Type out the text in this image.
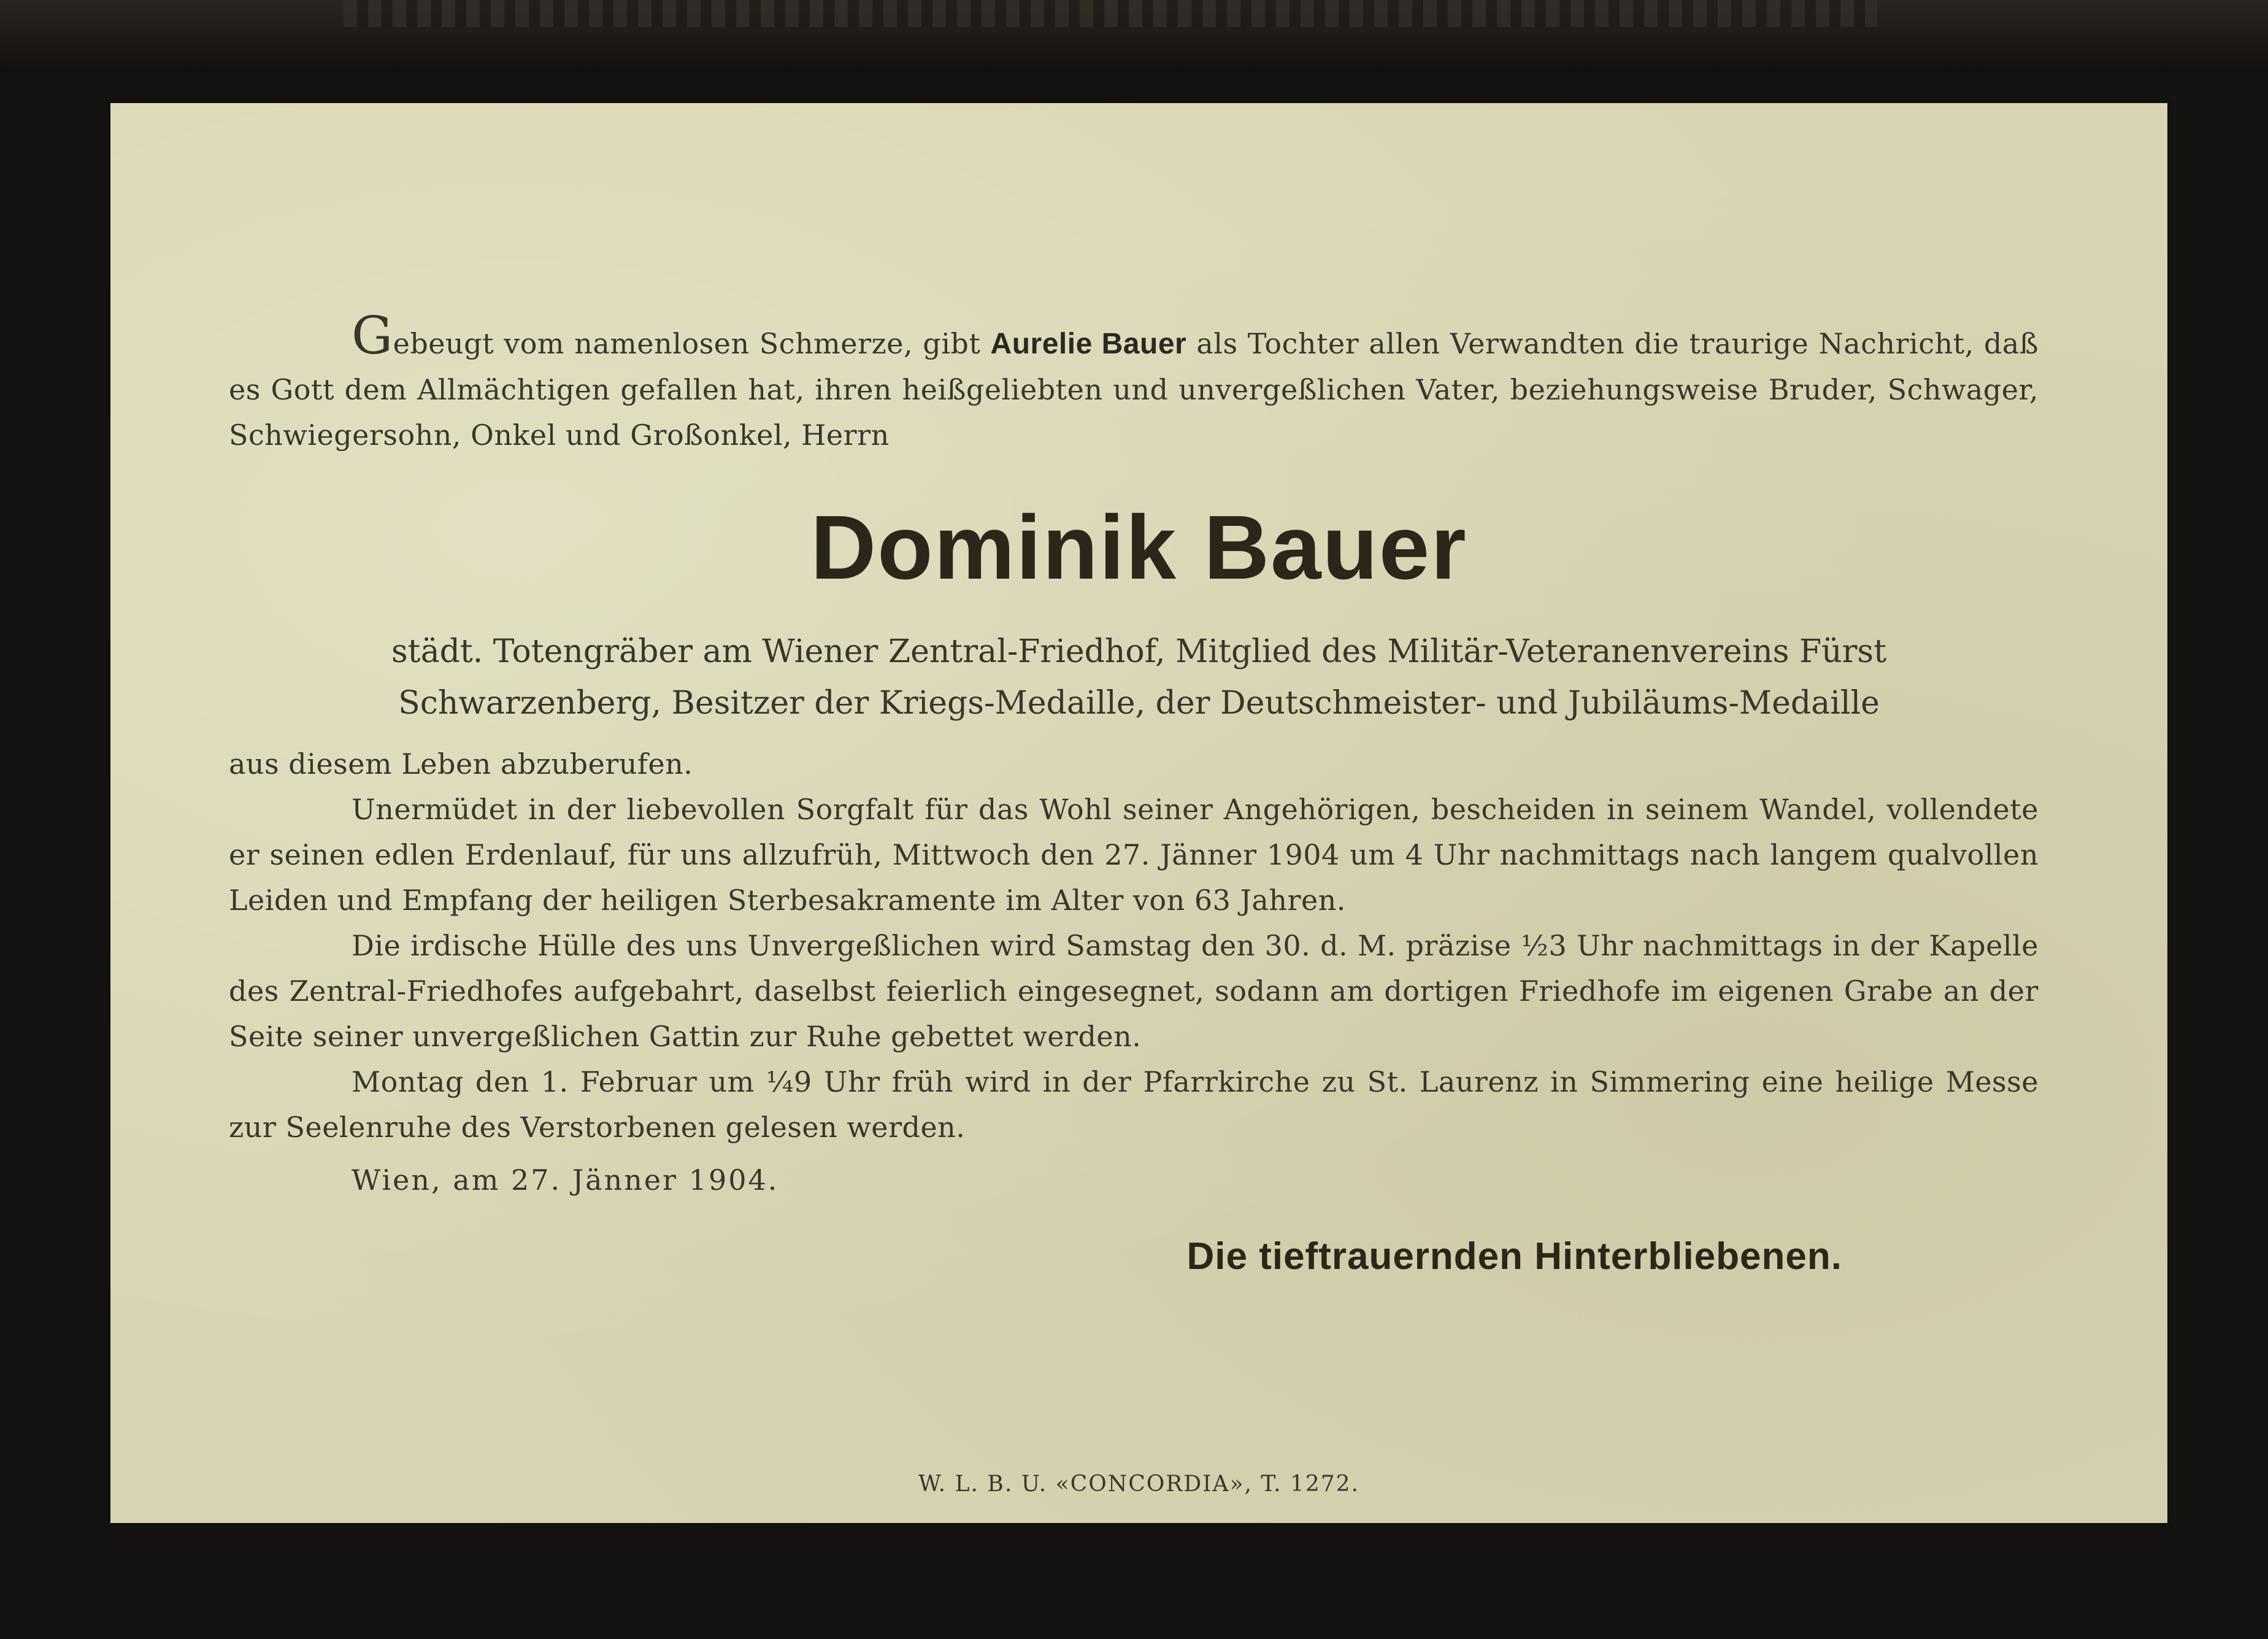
Gebeugt vom namenlosen Schmerze, gibt Aurelie Bauer als Tochter allen Verwandten die traurige Nachricht, daß es Gott dem Allmächtigen gefallen hat, ihren heißgeliebten und unvergeßlichen Vater, beziehungsweise Bruder, Schwager, Schwiegersohn, Onkel und Großonkel, Herrn

Dominik Bauer

städt. Totengräber am Wiener Zentral-Friedhof, Mitglied des Militär-Veteranenvereins Fürst

Schwarzenberg, Besitzer der Kriegs-Medaille, der Deutschmeister- und Jubiläums-Medaille

aus diesem Leben abzuberufen.

Unermüdet in der liebevollen Sorgfalt für das Wohl seiner Angehörigen, bescheiden in seinem Wandel, vollendete er seinen edlen Erdenlauf, für uns allzufrüh, Mittwoch den 27. Jänner 1904 um 4 Uhr nachmittags nach langem qualvollen Leiden und Empfang der heiligen Sterbesakramente im Alter von 63 Jahren.

Die irdische Hülle des uns Unvergeßlichen wird Samstag den 30. d. M. präzise ½3 Uhr nachmittags in der Kapelle des Zentral-Friedhofes aufgebahrt, daselbst feierlich eingesegnet, sodann am dortigen Friedhofe im eigenen Grabe an der Seite seiner unvergeßlichen Gattin zur Ruhe gebettet werden.

Montag den 1. Februar um ¼9 Uhr früh wird in der Pfarrkirche zu St. Laurenz in Simmering eine heilige Messe zur Seelenruhe des Verstorbenen gelesen werden.

Wien, am 27. Jänner 1904.

Die tieftrauernden Hinterbliebenen.

W. L. B. U. «CONCORDIA», T. 1272.
